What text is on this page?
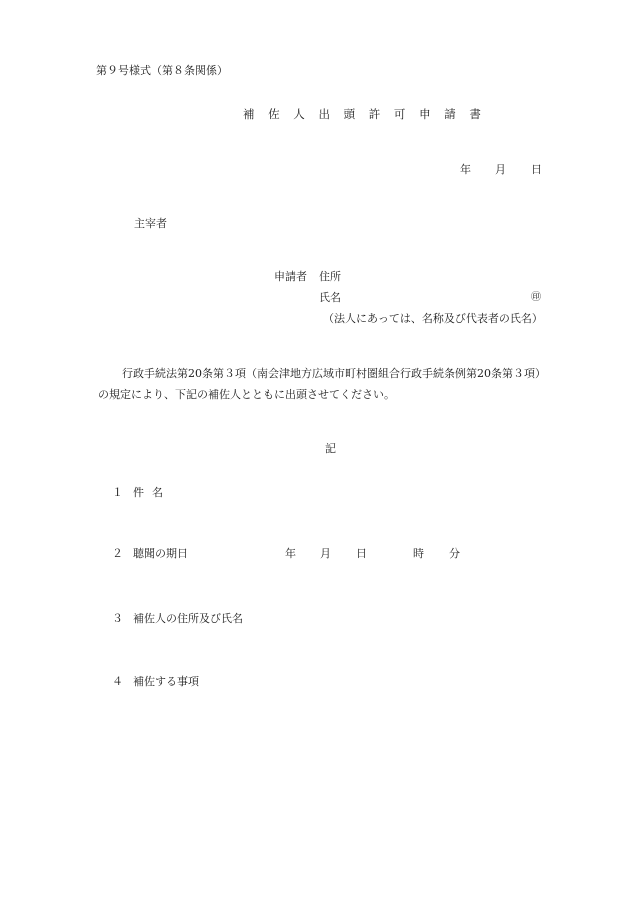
第９号様式（第８条関係）
補 佐 人 出 頭 許 可 申 請 書
年 月 日
主宰者
申請者 住所
氏名	㊞
（法人にあっては、名称及び代表者の氏名）
行政手続法第20条第３項（南会津地方広域市町村圏組合行政手続条例第20条第３項）
の規定により、下記の補佐人とともに出頭させてください。
記
１ 件名
２ 聴聞の期日	年 月 日	時 分
３ 補佐人の住所及び氏名
４ 補佐する事項
